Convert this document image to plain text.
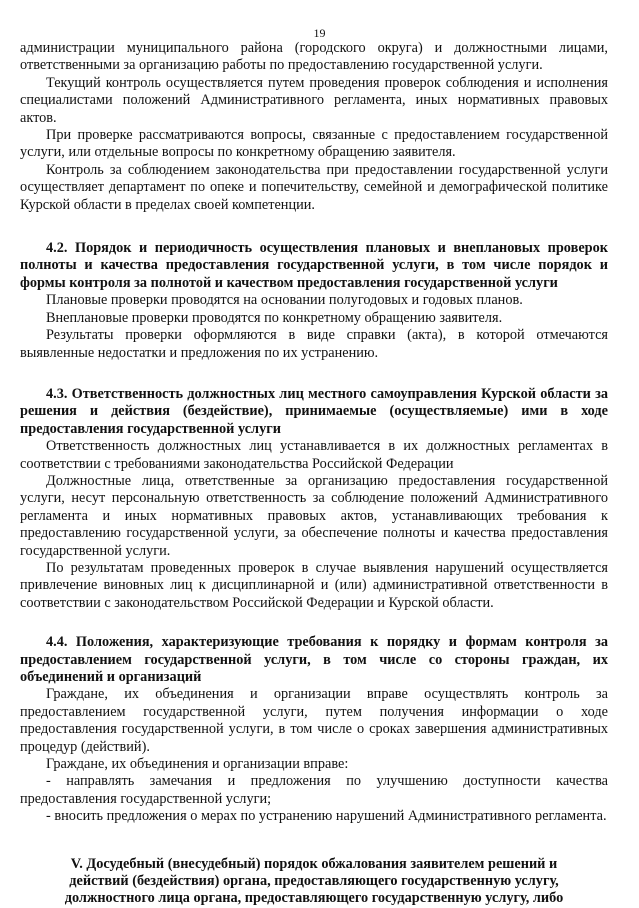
19

администрации муниципального района (городского округа) и должностными лицами, ответственными за организацию работы по предоставлению государственной услуги.

Текущий контроль осуществляется путем проведения проверок соблюдения и исполнения специалистами положений Административного регламента, иных нормативных правовых актов.

При проверке рассматриваются вопросы, связанные с предоставлением государственной услуги, или отдельные вопросы по конкретному обращению заявителя.

Контроль за соблюдением законодательства при предоставлении государственной услуги осуществляет департамент по опеке и попечительству, семейной и демографической политике Курской области в пределах своей компетенции.

4.2. Порядок и периодичность осуществления плановых и внеплановых проверок полноты и качества предоставления государственной услуги, в том числе порядок и формы контроля за полнотой и качеством предоставления государственной услуги

Плановые проверки проводятся на основании полугодовых и годовых планов.

Внеплановые проверки проводятся по конкретному обращению заявителя.

Результаты проверки оформляются в виде справки (акта), в которой отмечаются выявленные недостатки и предложения по их устранению.

4.3. Ответственность должностных лиц местного самоуправления Курской области за решения и действия (бездействие), принимаемые (осуществляемые) ими в ходе предоставления государственной услуги

Ответственность должностных лиц устанавливается в их должностных регламентах в соответствии с требованиями законодательства Российской Федерации

Должностные лица, ответственные за организацию предоставления государственной услуги, несут персональную ответственность за соблюдение положений Административного регламента и иных нормативных правовых актов, устанавливающих требования к предоставлению государственной услуги, за обеспечение полноты и качества предоставления государственной услуги.

По результатам проведенных проверок в случае выявления нарушений осуществляется привлечение виновных лиц к дисциплинарной и (или) административной ответственности в соответствии с законодательством Российской Федерации и Курской области.

4.4. Положения, характеризующие требования к порядку и формам контроля за предоставлением государственной услуги, в том числе со стороны граждан, их объединений и организаций

Граждане, их объединения и организации вправе осуществлять контроль за предоставлением государственной услуги, путем получения информации о ходе предоставления государственной услуги, в том числе о сроках завершения административных процедур (действий).

Граждане, их объединения и организации вправе:

- направлять замечания и предложения по улучшению доступности качества предоставления государственной услуги;

- вносить предложения о мерах по устранению нарушений Административного регламента.

V. Досудебный (внесудебный) порядок обжалования заявителем решений и действий (бездействия) органа, предоставляющего государственную услугу, должностного лица органа, предоставляющего государственную услугу, либо
